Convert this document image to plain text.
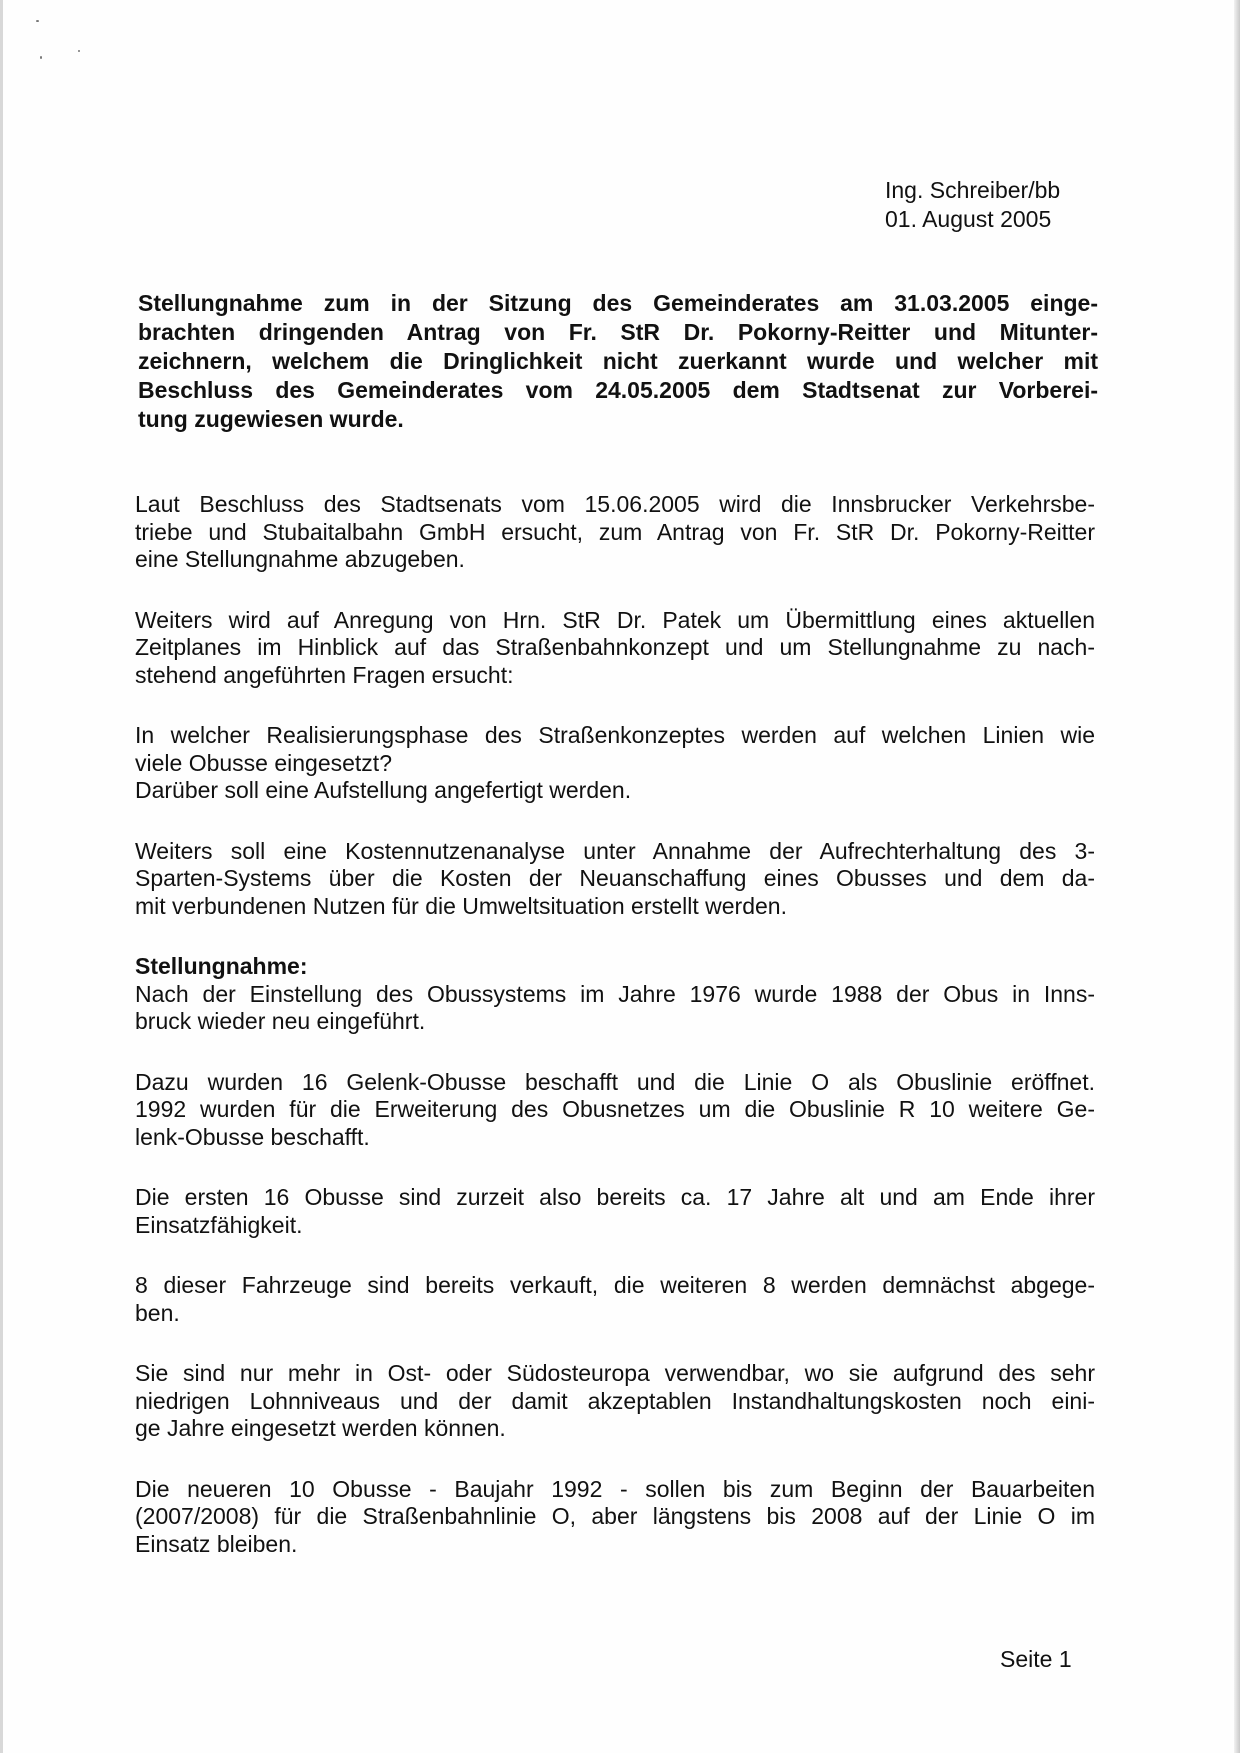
Ing. Schreiber/bb
01. August 2005
Stellungnahme zum in der Sitzung des Gemeinderates am 31.03.2005 einge-
brachten dringenden Antrag von Fr. StR Dr. Pokorny-Reitter und Mitunter-
zeichnern, welchem die Dringlichkeit nicht zuerkannt wurde und welcher mit
Beschluss des Gemeinderates vom 24.05.2005 dem Stadtsenat zur Vorberei-
tung zugewiesen wurde.
Laut Beschluss des Stadtsenats vom 15.06.2005 wird die Innsbrucker Verkehrsbe-
triebe und Stubaitalbahn GmbH ersucht, zum Antrag von Fr. StR Dr. Pokorny-Reitter
eine Stellungnahme abzugeben.
Weiters wird auf Anregung von Hrn. StR Dr. Patek um Übermittlung eines aktuellen
Zeitplanes im Hinblick auf das Straßenbahnkonzept und um Stellungnahme zu nach-
stehend angeführten Fragen ersucht:
In welcher Realisierungsphase des Straßenkonzeptes werden auf welchen Linien wie
viele Obusse eingesetzt?
Darüber soll eine Aufstellung angefertigt werden.
Weiters soll eine Kostennutzenanalyse unter Annahme der Aufrechterhaltung des 3-
Sparten-Systems über die Kosten der Neuanschaffung eines Obusses und dem da-
mit verbundenen Nutzen für die Umweltsituation erstellt werden.
Stellungnahme:
Nach der Einstellung des Obussystems im Jahre 1976 wurde 1988 der Obus in Inns-
bruck wieder neu eingeführt.
Dazu wurden 16 Gelenk-Obusse beschafft und die Linie O als Obuslinie eröffnet.
1992 wurden für die Erweiterung des Obusnetzes um die Obuslinie R 10 weitere Ge-
lenk-Obusse beschafft.
Die ersten 16 Obusse sind zurzeit also bereits ca. 17 Jahre alt und am Ende ihrer
Einsatzfähigkeit.
8 dieser Fahrzeuge sind bereits verkauft, die weiteren 8 werden demnächst abgege-
ben.
Sie sind nur mehr in Ost- oder Südosteuropa verwendbar, wo sie aufgrund des sehr
niedrigen Lohnniveaus und der damit akzeptablen Instandhaltungskosten noch eini-
ge Jahre eingesetzt werden können.
Die neueren 10 Obusse - Baujahr 1992 - sollen bis zum Beginn der Bauarbeiten
(2007/2008) für die Straßenbahnlinie O, aber längstens bis 2008 auf der Linie O im
Einsatz bleiben.
Seite 1
